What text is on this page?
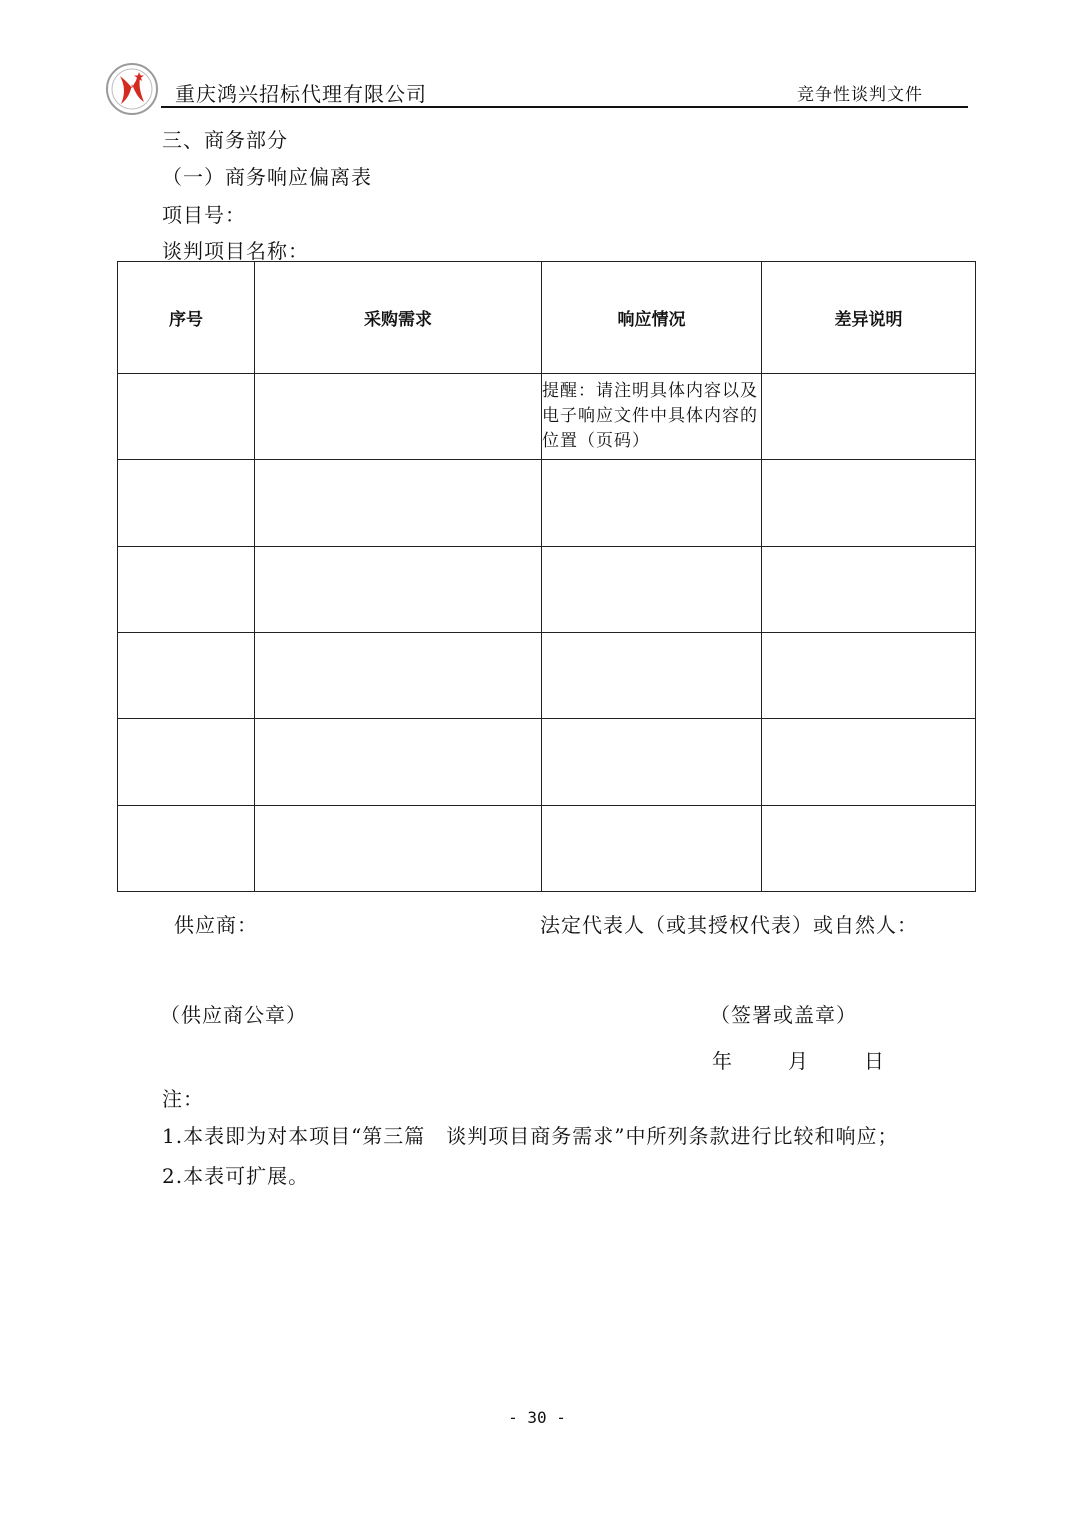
重庆鸿兴招标代理有限公司	竞争性谈判文件
三、商务部分
（一）商务响应偏离表
项目号：
谈判项目名称：
序号	采购需求	响应情况	差异说明
		提醒：请注明具体内容以及电子响应文件中具体内容的位置（页码）	

供应商：	法定代表人（或其授权代表）或自然人：
（供应商公章）	（签署或盖章）
年	月	日
注：
1.本表即为对本项目“第三篇　谈判项目商务需求”中所列条款进行比较和响应；
2.本表可扩展。
- 30 -
